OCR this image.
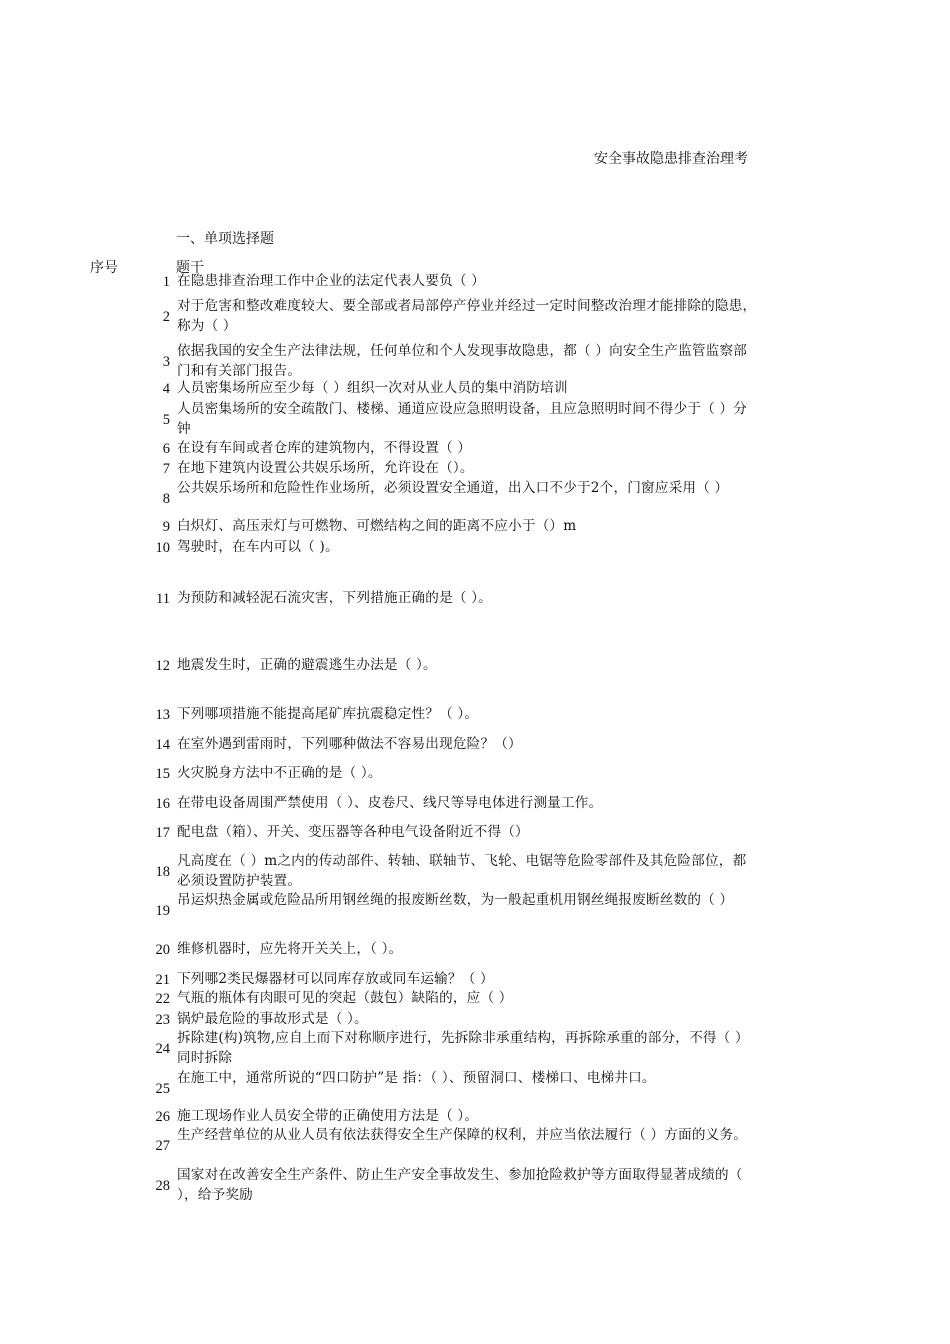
安全事故隐患排查治理考
一、单项选择题
序号	题干
1 在隐患排查治理工作中企业的法定代表人要负（ ）
2
对于危害和整改难度较大、要全部或者局部停产停业并经过一定时间整改治理才能排除的隐患，称为（ ）
3
依据我国的安全生产法律法规，任何单位和个人发现事故隐患，都（ ）向安全生产监管监察部门和有关部门报告。
4 人员密集场所应至少每（ ）组织一次对从业人员的集中消防培训
5
人员密集场所的安全疏散门、楼梯、通道应设应急照明设备，且应急照明时间不得少于（ ）分钟
6 在设有车间或者仓库的建筑物内，不得设置（ ）
7 在地下建筑内设置公共娱乐场所，允许设在（）。
8
公共娱乐场所和危险性作业场所，必须设置安全通道，出入口不少于2个，门窗应采用（ ）
9 白炽灯、高压汞灯与可燃物、可燃结构之间的距离不应小于（）m
10 驾驶时，在车内可以（ )。
11 为预防和减轻泥石流灾害，下列措施正确的是（ ）。
12 地震发生时，正确的避震逃生办法是（ ）。
13 下列哪项措施不能提高尾矿库抗震稳定性？（ ）。
14 在室外遇到雷雨时，下列哪种做法不容易出现危险？（）
15 火灾脱身方法中不正确的是（ ）。
16 在带电设备周围严禁使用（ ）、皮卷尺、线尺等导电体进行测量工作。
17 配电盘（箱）、开关、变压器等各种电气设备附近不得（）
18
凡高度在（ ）m之内的传动部件、转轴、联轴节、飞轮、电锯等危险零部件及其危险部位，都必须设置防护装置。
19
吊运炽热金属或危险品所用钢丝绳的报废断丝数，为一般起重机用钢丝绳报废断丝数的（ ）
20 维修机器时，应先将开关关上，（ ）。
21 下列哪2类民爆器材可以同库存放或同车运输？（ ）
22 气瓶的瓶体有肉眼可见的突起（鼓包）缺陷的，应（ ）
23 锅炉最危险的事故形式是（ ）。
24
拆除建(构)筑物,应自上而下对称顺序进行，先拆除非承重结构，再拆除承重的部分，不得（ ）同时拆除
25
在施工中，通常所说的“四口防护”是 指：（ ）、预留洞口、楼梯口、电梯井口。
26 施工现场作业人员安全带的正确使用方法是（ ）。
27
生产经营单位的从业人员有依法获得安全生产保障的权利，并应当依法履行（ ）方面的义务。
28
国家对在改善安全生产条件、防止生产安全事故发生、参加抢险救护等方面取得显著成绩的（ ），给予奖励
